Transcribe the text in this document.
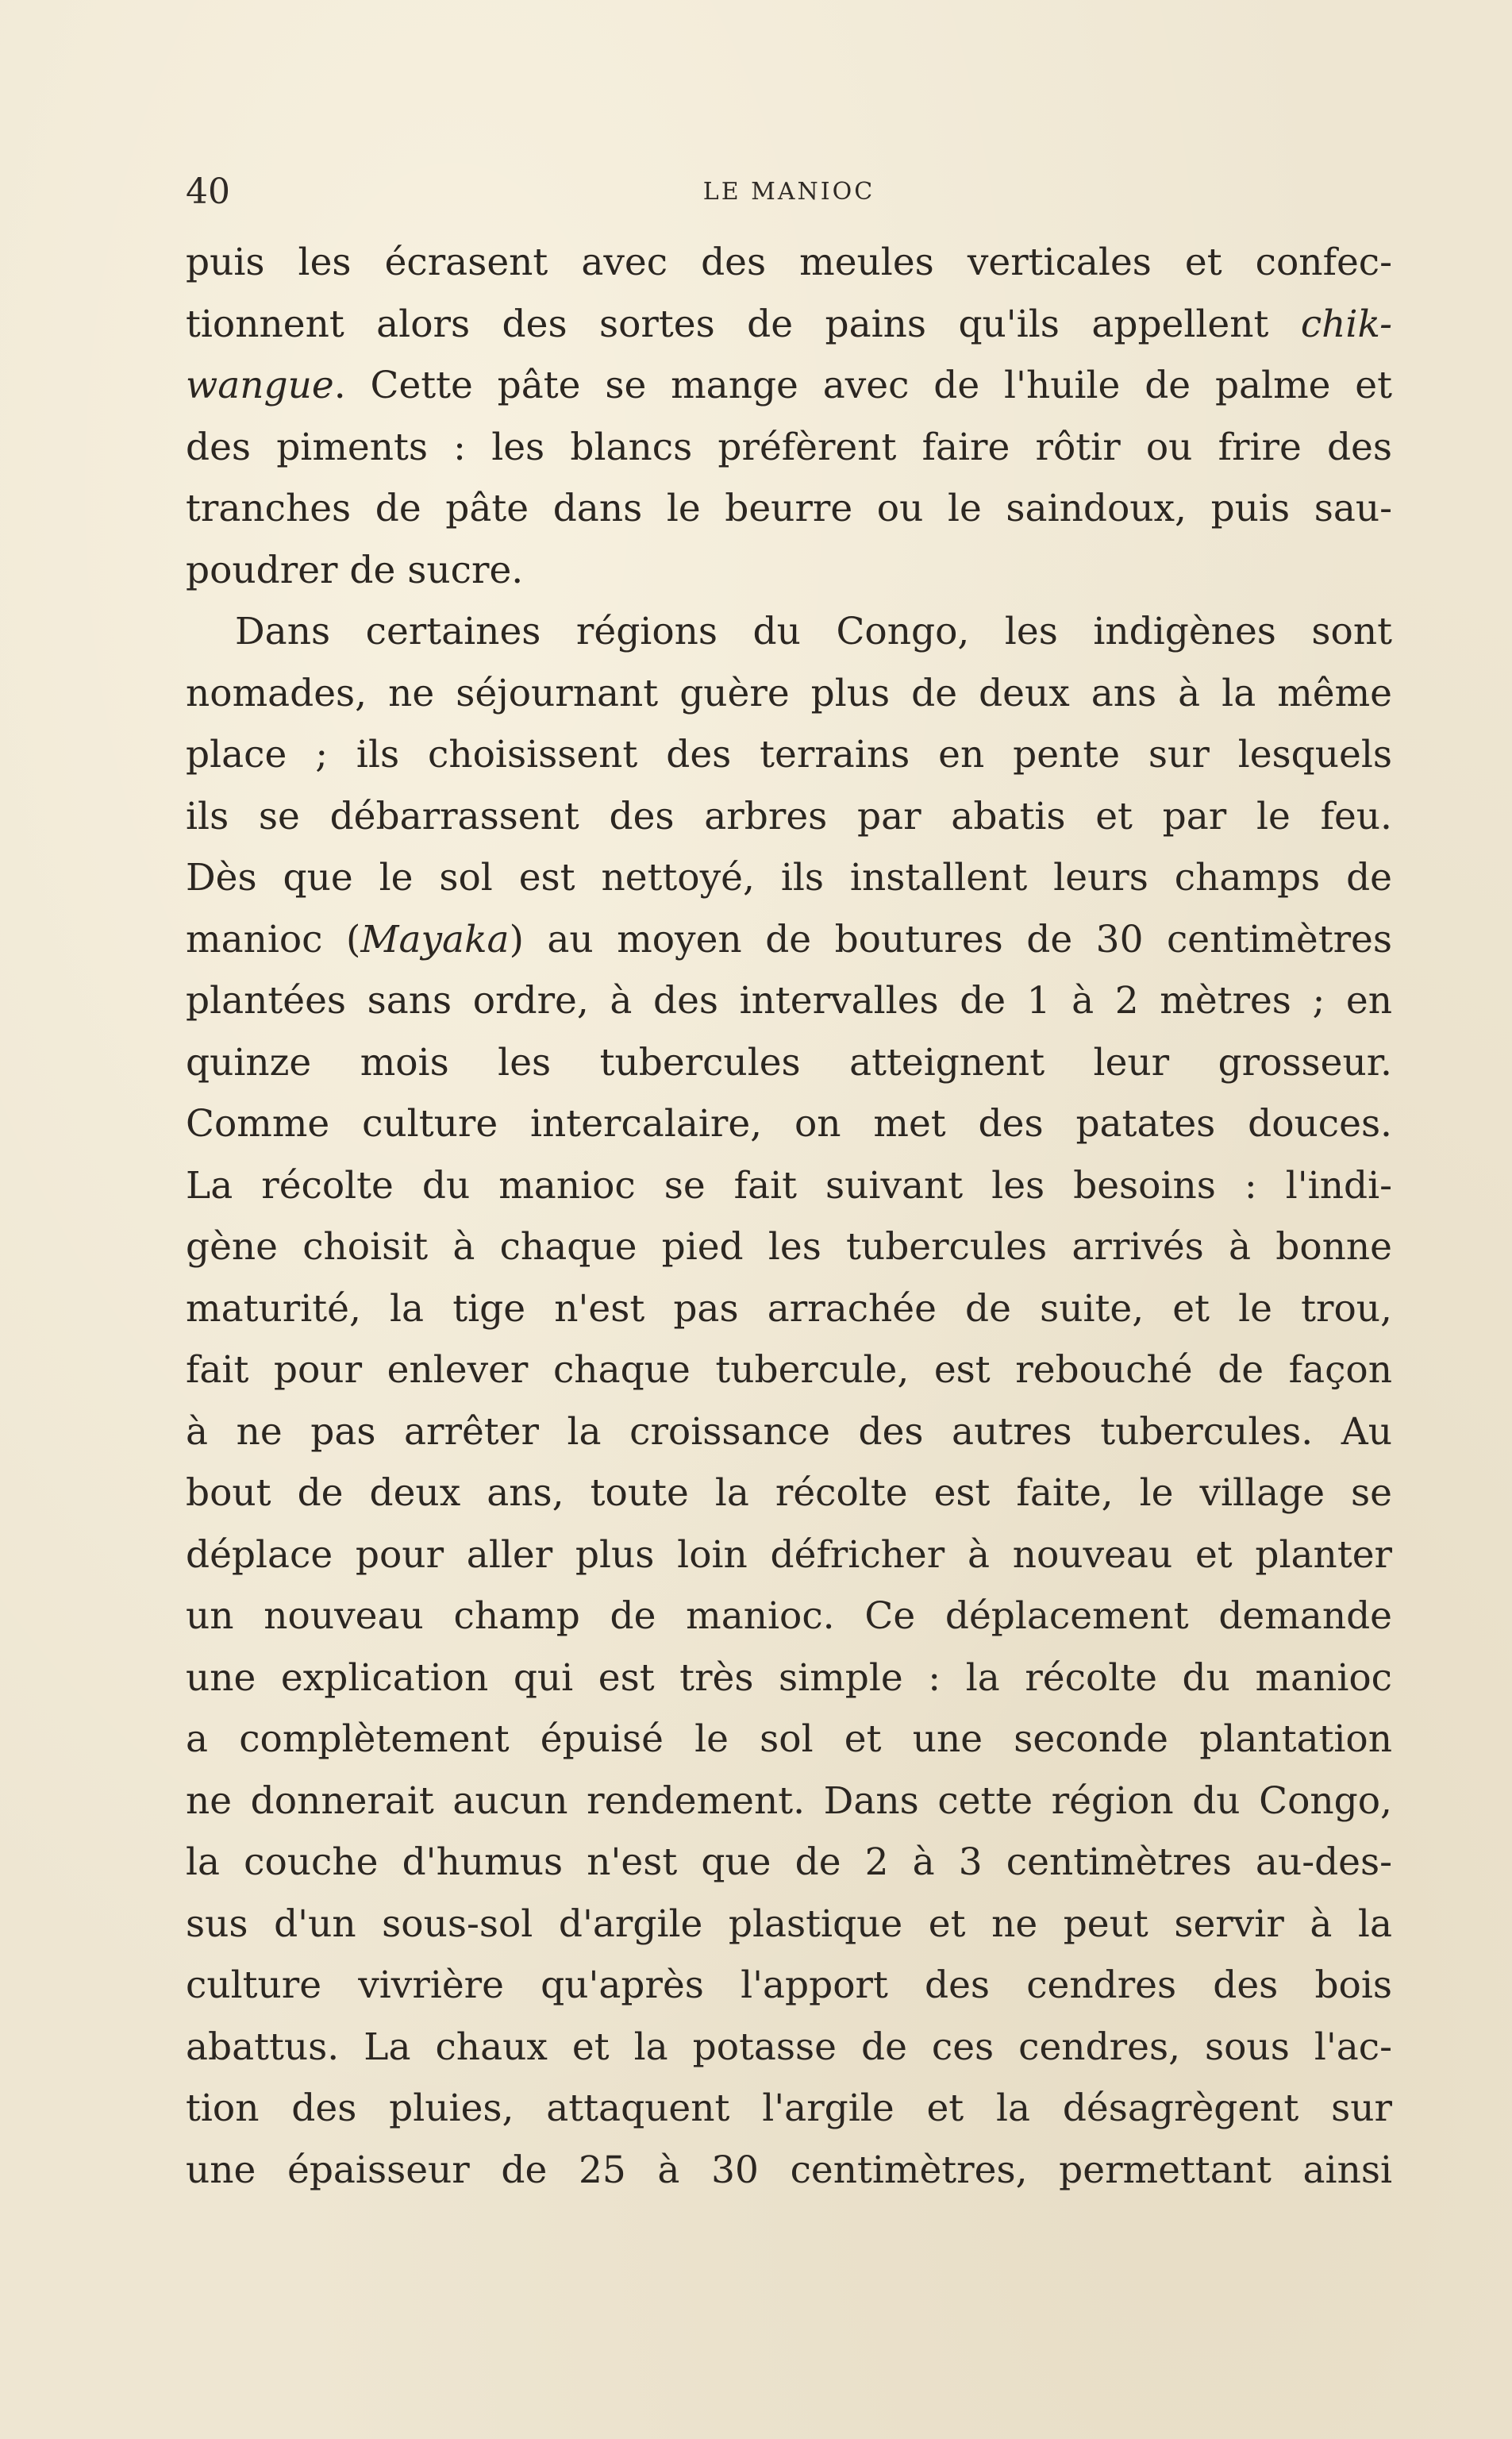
40	LE MANIOC
puis les écrasent avec des meules verticales et confec-
tionnent alors des sortes de pains qu'ils appellent chik-
wangue. Cette pâte se mange avec de l'huile de palme et
des piments : les blancs préfèrent faire rôtir ou frire des
tranches de pâte dans le beurre ou le saindoux, puis sau-
poudrer de sucre.
Dans certaines régions du Congo, les indigènes sont
nomades, ne séjournant guère plus de deux ans à la même
place ; ils choisissent des terrains en pente sur lesquels
ils se débarrassent des arbres par abatis et par le feu.
Dès que le sol est nettoyé, ils installent leurs champs de
manioc (Mayaka) au moyen de boutures de 30 centimètres
plantées sans ordre, à des intervalles de 1 à 2 mètres ; en
quinze mois les tubercules atteignent leur grosseur.
Comme culture intercalaire, on met des patates douces.
La récolte du manioc se fait suivant les besoins : l'indi-
gène choisit à chaque pied les tubercules arrivés à bonne
maturité, la tige n'est pas arrachée de suite, et le trou,
fait pour enlever chaque tubercule, est rebouché de façon
à ne pas arrêter la croissance des autres tubercules. Au
bout de deux ans, toute la récolte est faite, le village se
déplace pour aller plus loin défricher à nouveau et planter
un nouveau champ de manioc. Ce déplacement demande
une explication qui est très simple : la récolte du manioc
a complètement épuisé le sol et une seconde plantation
ne donnerait aucun rendement. Dans cette région du Congo,
la couche d'humus n'est que de 2 à 3 centimètres au-des-
sus d'un sous-sol d'argile plastique et ne peut servir à la
culture vivrière qu'après l'apport des cendres des bois
abattus. La chaux et la potasse de ces cendres, sous l'ac-
tion des pluies, attaquent l'argile et la désagrègent sur
une épaisseur de 25 à 30 centimètres, permettant ainsi
